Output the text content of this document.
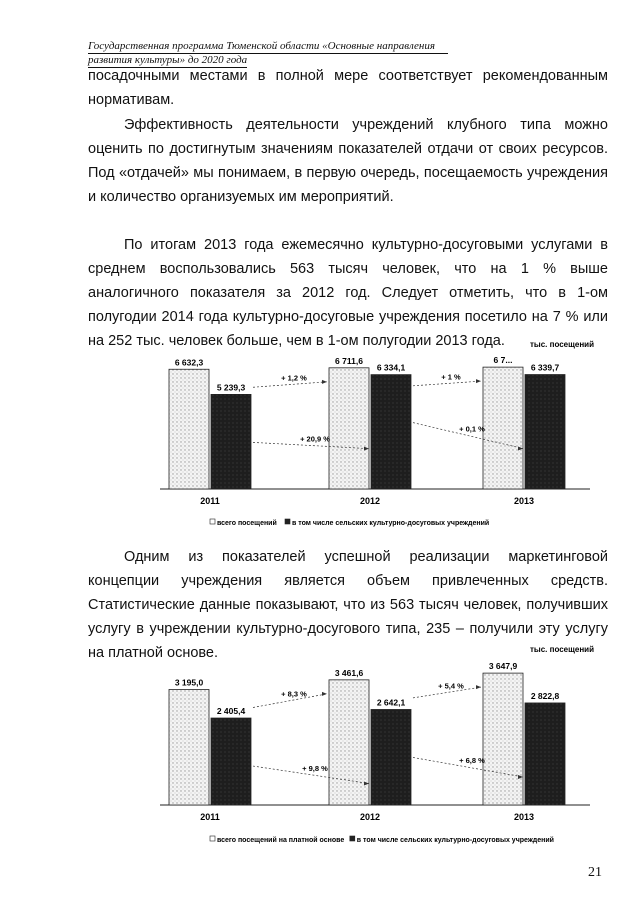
Государственная программа Тюменской области «Основные направления
развития культуры» до 2020 года

посадочными местами в полной мере соответствует рекомендованным нормативам.

Эффективность деятельности учреждений клубного типа можно оценить по достигнутым значениям показателей отдачи от своих ресурсов. Под «отдачей» мы понимаем, в первую очередь, посещаемость учреждения и количество организуемых им мероприятий.

По итогам 2013 года ежемесячно культурно-досуговыми услугами в среднем воспользовались 563 тысяч человек, что на 1 % выше аналогичного показателя за 2012 год. Следует отметить, что в 1-ом полугодии 2014 года культурно-досуговые учреждения посетило на 7 % или на 252 тыс. человек больше, чем в 1-ом полугодии 2013 года.	тыс. посещений
6 632,3
5 239,3
2011
6 711,6
6 334,1
2012
6 7...
6 339,7
2013
+ 1,2 %
+ 20,9 %
+ 1 %
+ 0,1 %
всего посещений в том числе сельских культурно-досуговых учреждений

Одним из показателей успешной реализации маркетинговой концепции учреждения является объем привлеченных средств. Статистические данные показывают, что из 563 тысяч человек, получивших услугу в учреждении культурно-досугового типа, 235 – получили эту услугу на платной основе.	тыс. посещений
3 195,0
2 405,4
2011
3 461,6
2 642,1
2012
3 647,9
2 822,8
2013
+ 8,3 %
+ 9,8 %
+ 5,4 %
+ 6,8 %
всего посещений на платной основе в том числе сельских культурно-досуговых учреждений
21
